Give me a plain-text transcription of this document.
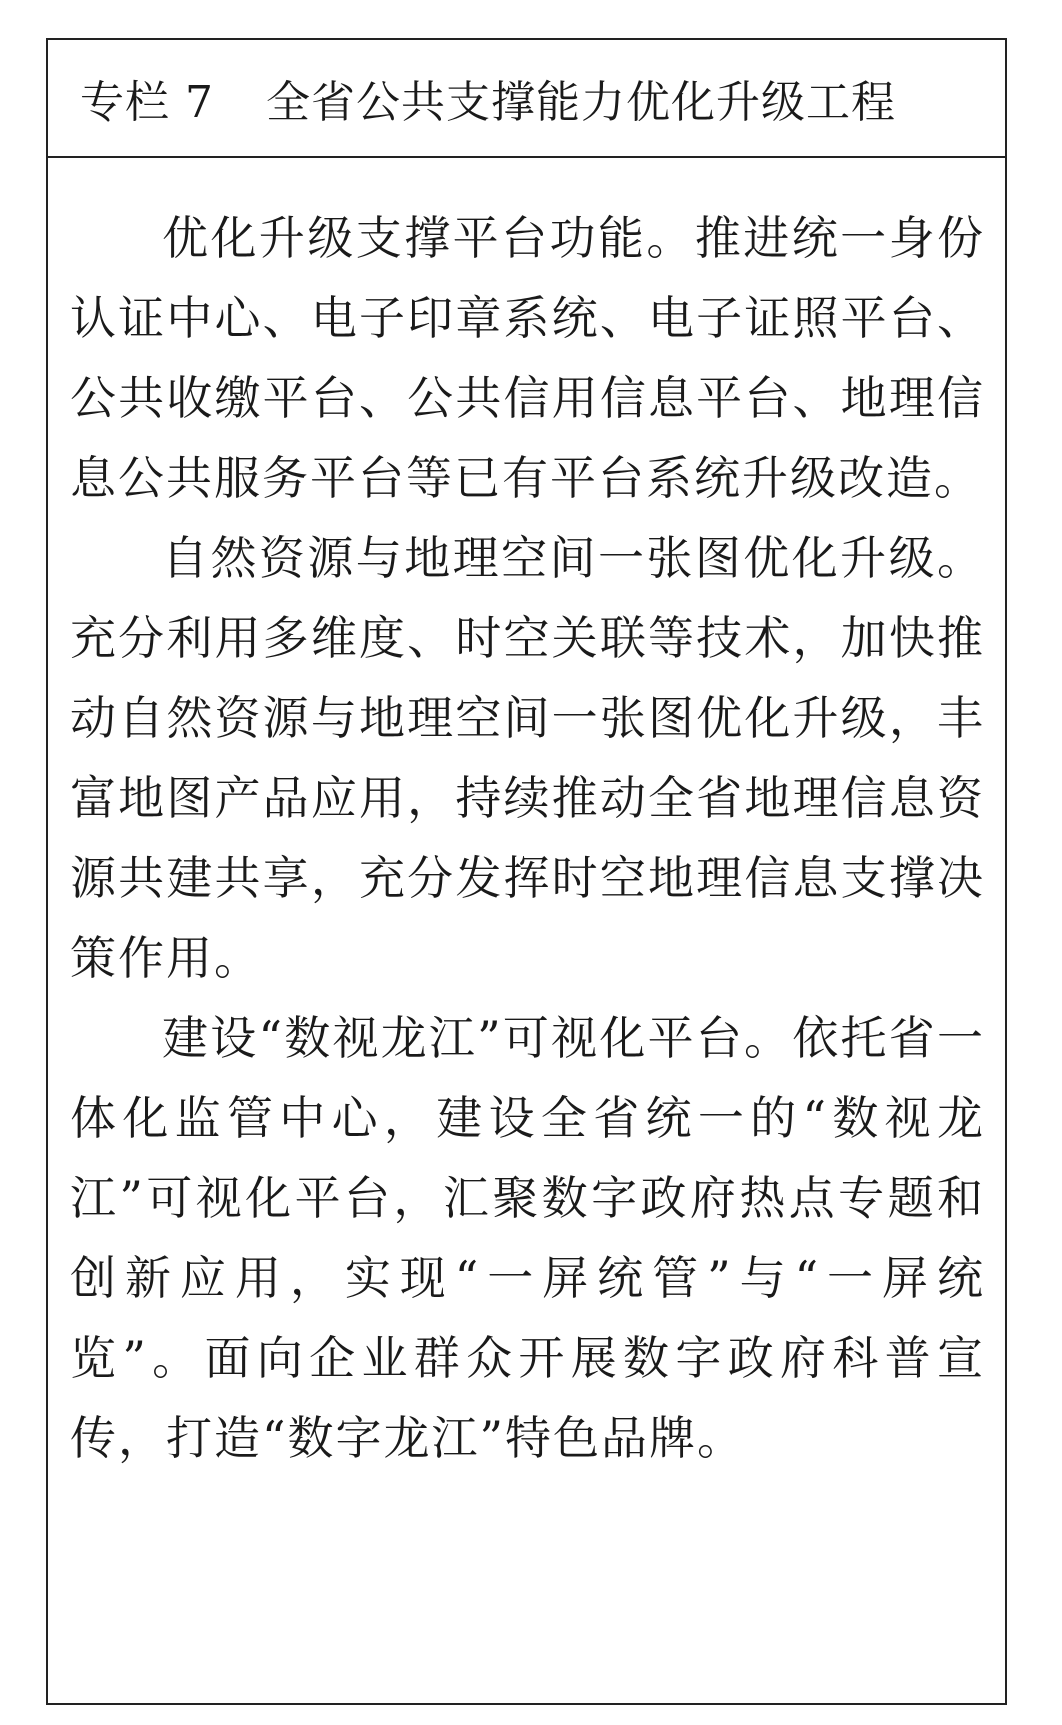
专栏 7 全省公共支撑能力优化升级工程

优化升级支撑平台功能。推进统一身份认证中心、电子印章系统、电子证照平台、公共收缴平台、公共信用信息平台、地理信息公共服务平台等已有平台系统升级改造。

自然资源与地理空间一张图优化升级。充分利用多维度、时空关联等技术，加快推动自然资源与地理空间一张图优化升级，丰富地图产品应用，持续推动全省地理信息资源共建共享，充分发挥时空地理信息支撑决策作用。

建设“数视龙江”可视化平台。依托省一体化监管中心，建设全省统一的“数视龙江”可视化平台，汇聚数字政府热点专题和创新应用，实现“一屏统管”与“一屏统览”。面向企业群众开展数字政府科普宣传，打造“数字龙江”特色品牌。
